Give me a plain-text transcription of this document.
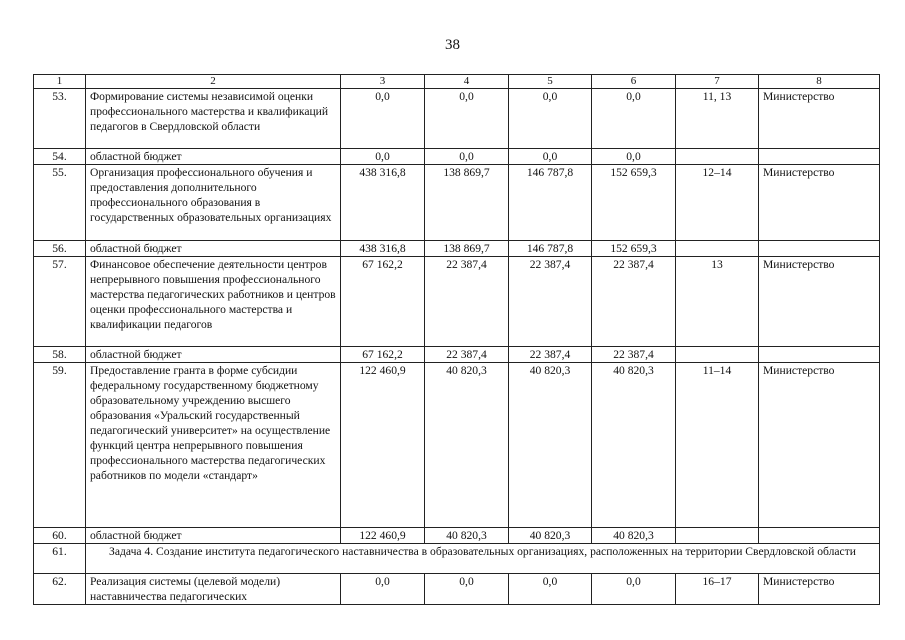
38
1	2	3	4	5	6	7	8
53.	Формирование системы независимой оценки профессионального мастерства и квалификаций педагогов в Свердловской области	0,0	0,0	0,0	0,0	11, 13	Министерство
54.	областной бюджет	0,0	0,0	0,0	0,0		
55.	Организация профессионального обучения и предоставления дополнительного профессионального образования в государственных образовательных организациях	438 316,8	138 869,7	146 787,8	152 659,3	12–14	Министерство
56.	областной бюджет	438 316,8	138 869,7	146 787,8	152 659,3		
57.	Финансовое обеспечение деятельности центров непрерывного повышения профессионального мастерства педагогических работников и центров оценки профессионального мастерства и квалификации педагогов	67 162,2	22 387,4	22 387,4	22 387,4	13	Министерство
58.	областной бюджет	67 162,2	22 387,4	22 387,4	22 387,4		
59.	Предоставление гранта в форме субсидии федеральному государственному бюджетному образовательному учреждению высшего образования «Уральский государственный педагогический университет» на осуществление функций центра непрерывного повышения профессионального мастерства педагогических работников по модели «стандарт»	122 460,9	40 820,3	40 820,3	40 820,3	11–14	Министерство
60.	областной бюджет	122 460,9	40 820,3	40 820,3	40 820,3		
61.	Задача 4. Создание института педагогического наставничества в образовательных организациях, расположенных на территории Свердловской области						
62.	Реализация системы (целевой модели) наставничества педагогических	0,0	0,0	0,0	0,0	16–17	Министерство
